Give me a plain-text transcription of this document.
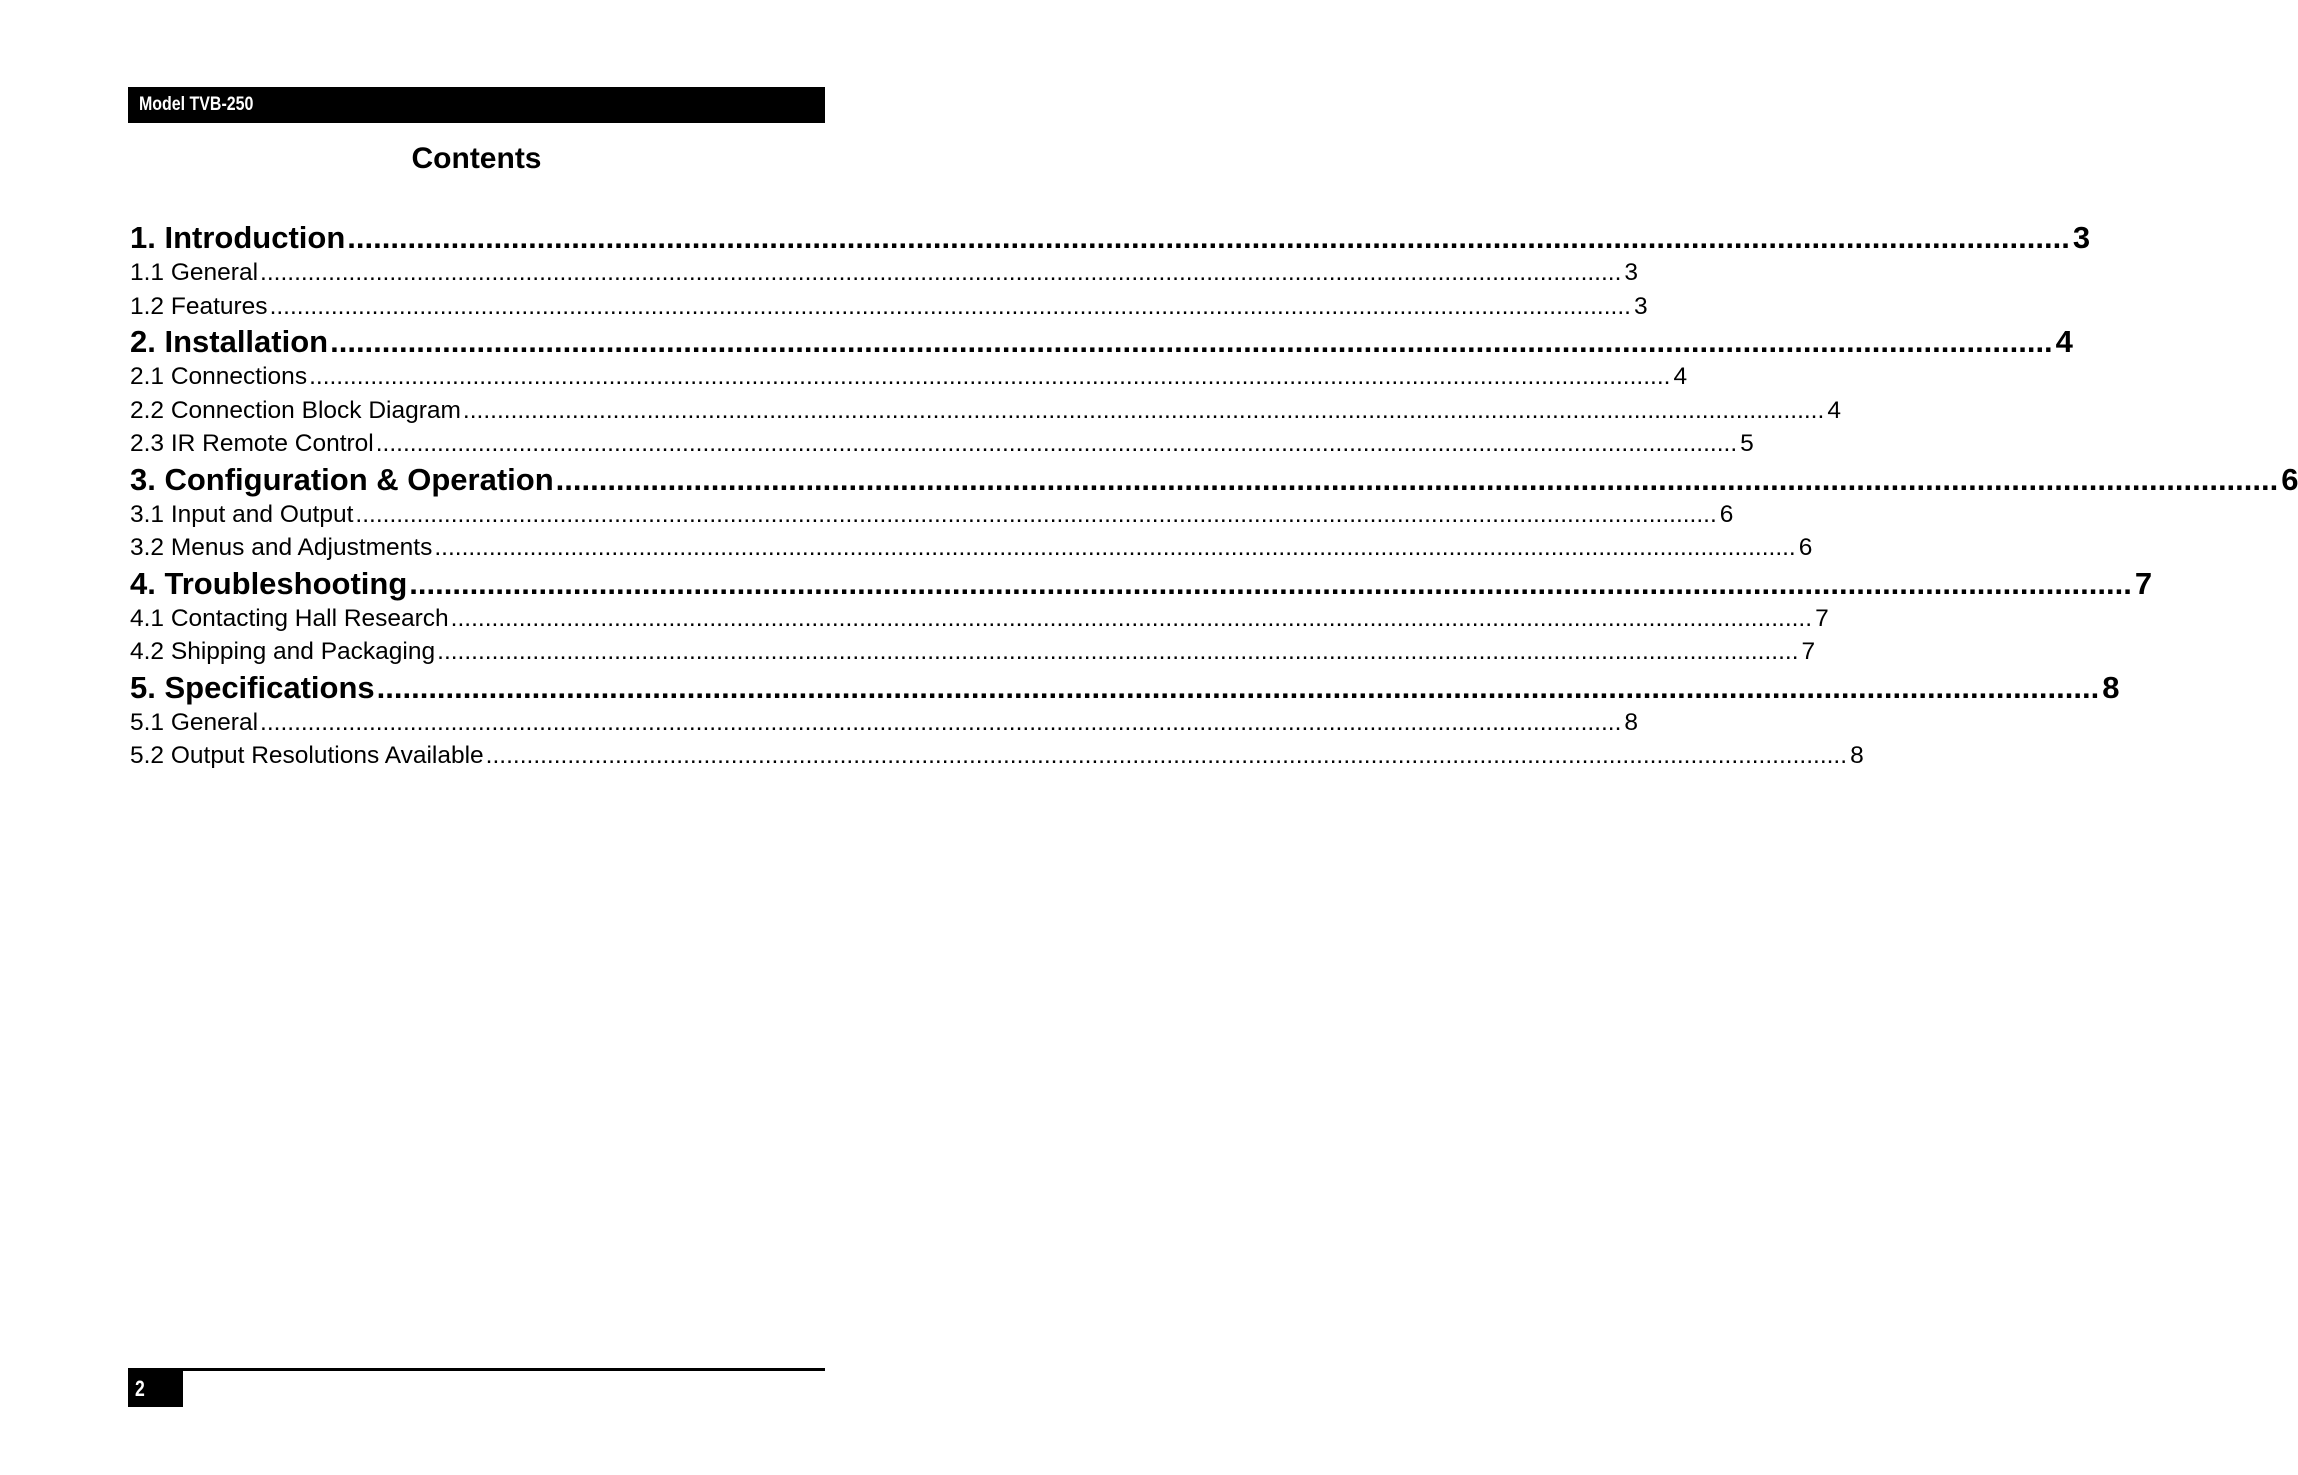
Model TVB-250
Contents
1. Introduction ........................................................................................................................................................................................................ 3
1.1 General ........................................................................................................................................................................................................ 3
1.2 Features ........................................................................................................................................................................................................ 3
2. Installation ........................................................................................................................................................................................................ 4
2.1 Connections ........................................................................................................................................................................................................ 4
2.2 Connection Block Diagram ........................................................................................................................................................................................................ 4
2.3 IR Remote Control ........................................................................................................................................................................................................ 5
3. Configuration & Operation ........................................................................................................................................................................................................ 6
3.1 Input and Output ........................................................................................................................................................................................................ 6
3.2 Menus and Adjustments ........................................................................................................................................................................................................ 6
4. Troubleshooting ........................................................................................................................................................................................................ 7
4.1 Contacting Hall Research ........................................................................................................................................................................................................ 7
4.2 Shipping and Packaging ........................................................................................................................................................................................................ 7
5. Specifications ........................................................................................................................................................................................................ 8
5.1 General ........................................................................................................................................................................................................ 8
5.2 Output Resolutions Available ........................................................................................................................................................................................................ 8
2
